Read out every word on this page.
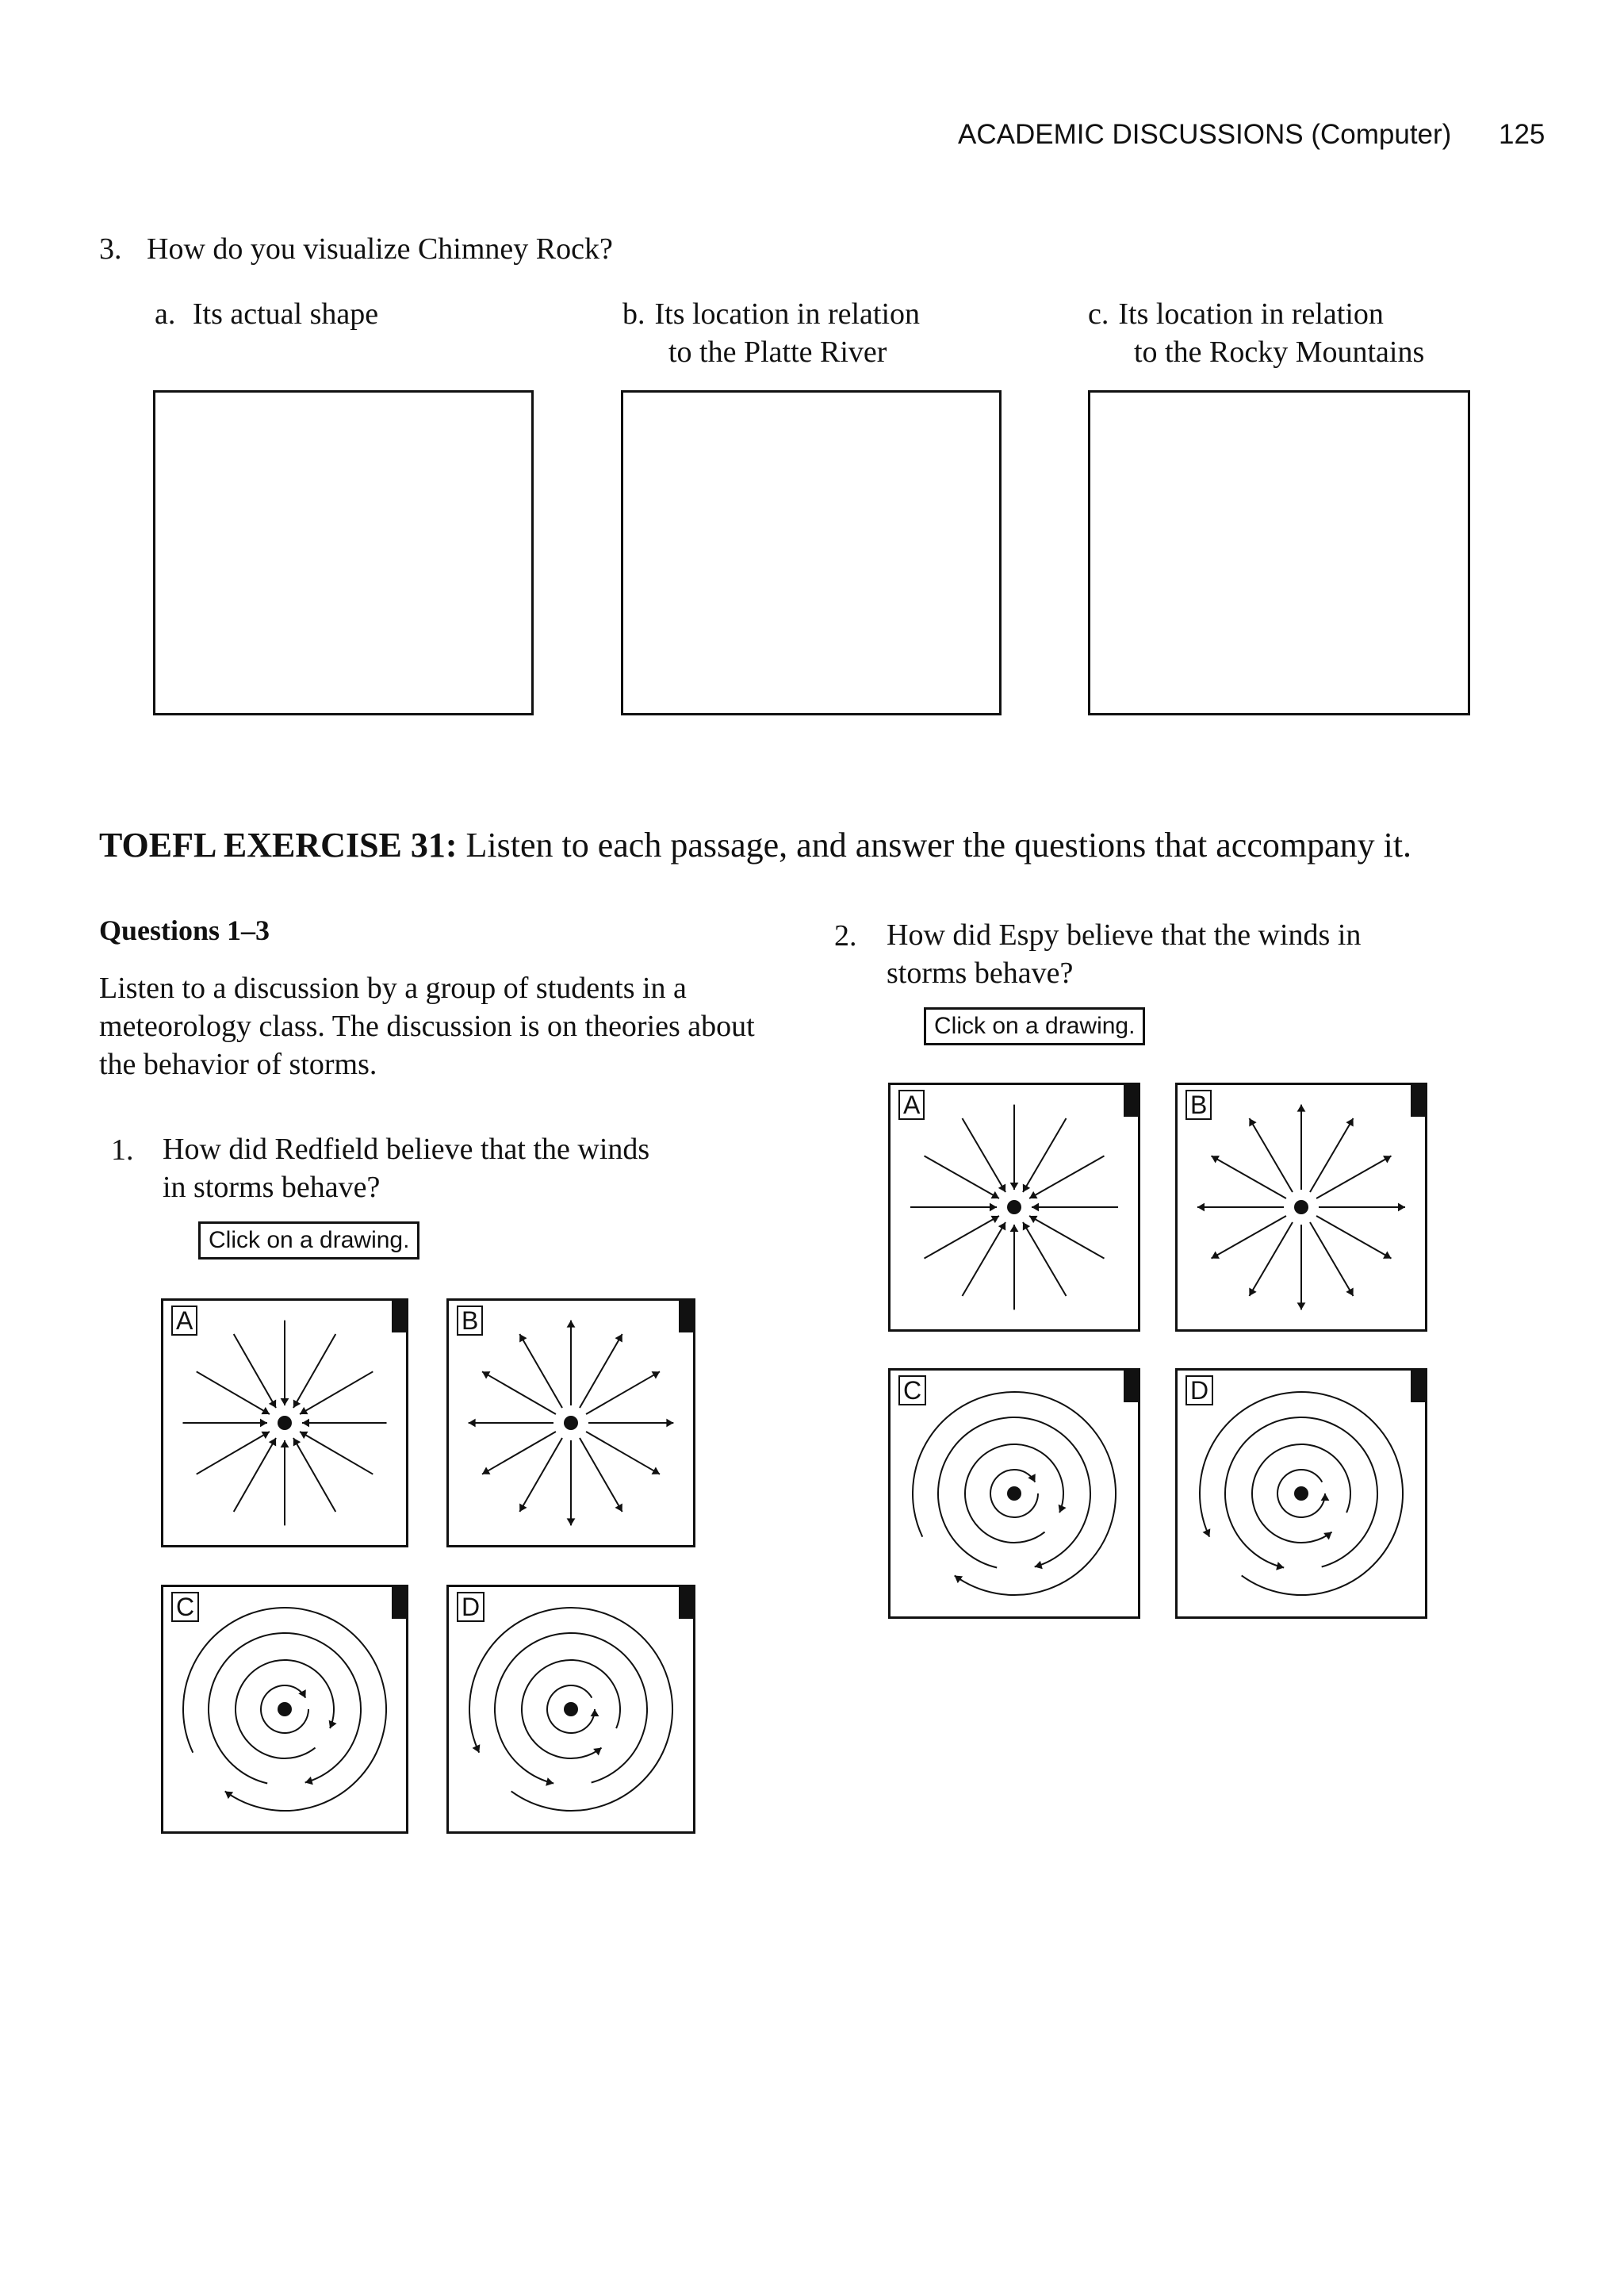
ACADEMIC DISCUSSIONS (Computer) 125
3. How do you visualize Chimney Rock?
a. Its actual shape	b. Its location in relation
to the Platte River
c. Its location in relation
to the Rocky Mountains
TOEFL EXERCISE 31: Listen to each passage, and answer the questions that accompany it.
Questions 1–3
Listen to a discussion by a group of students in a meteorology class. The discussion is on theories about the behavior of storms.
1. How did Redfield believe that the winds
in storms behave?
Click on a drawing.
2. How did Espy believe that the winds in
storms behave?
Click on a drawing.
A	B
C	D
A	B
C	D
